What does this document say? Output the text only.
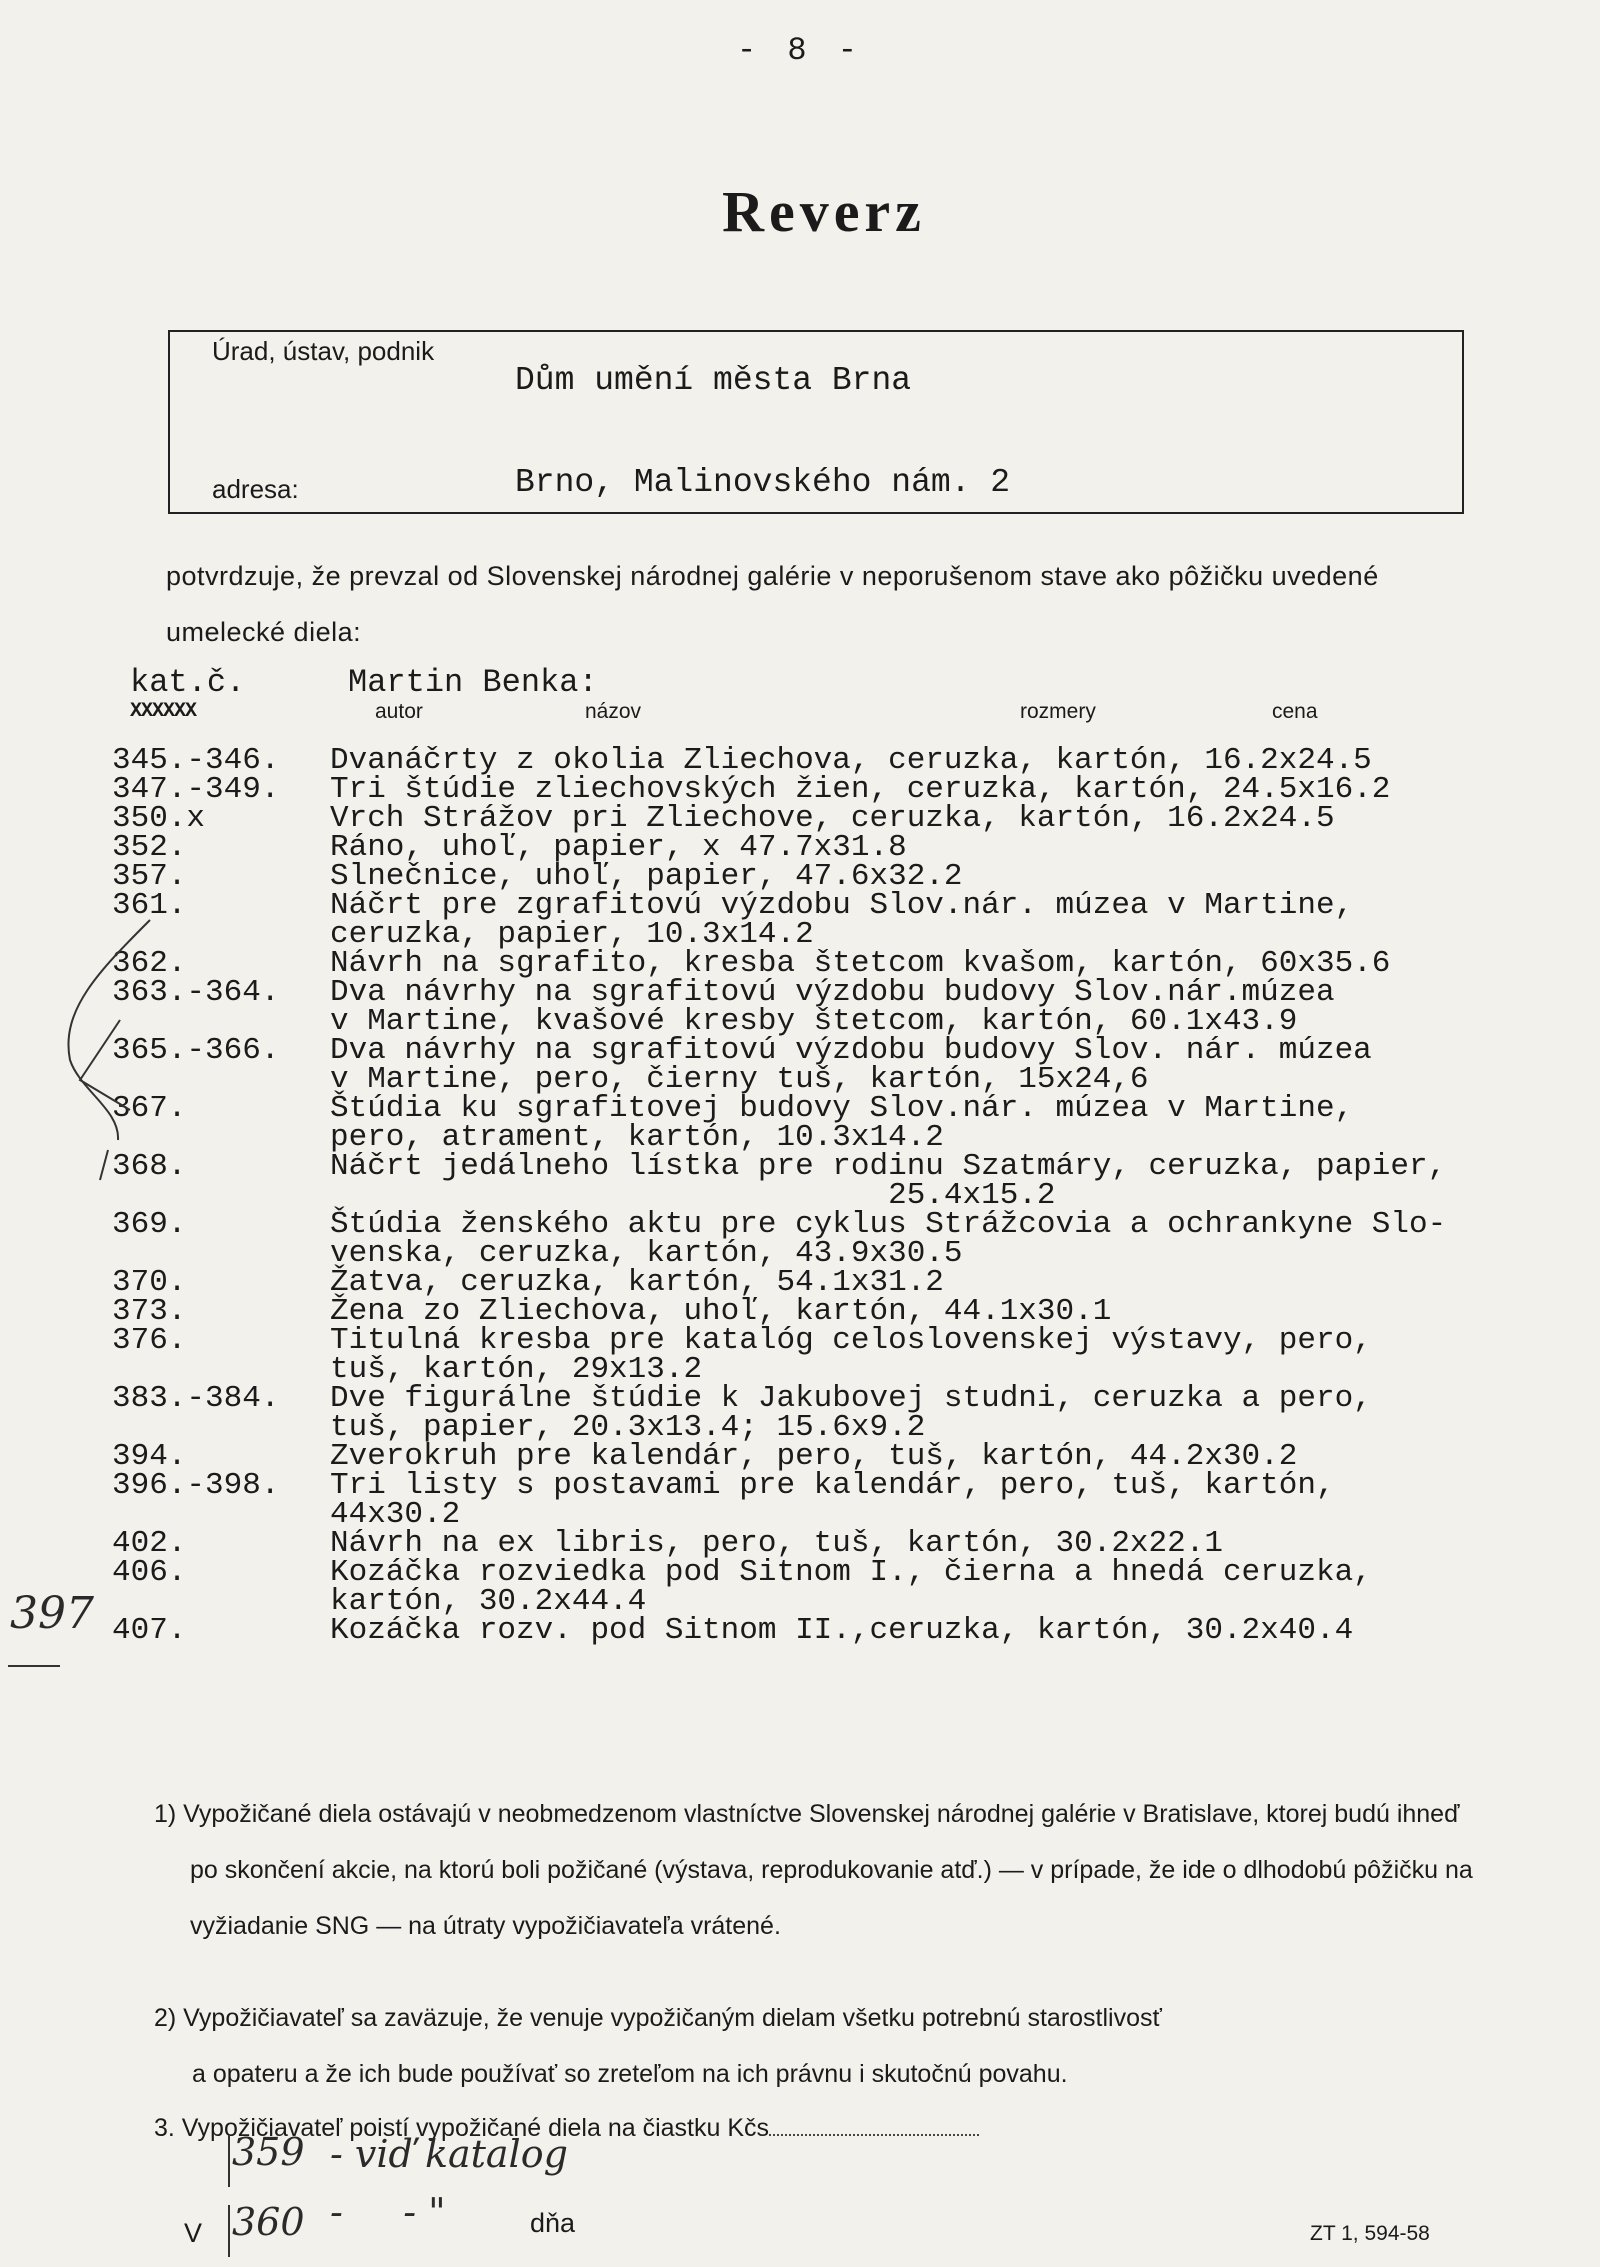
- 8 -
Reverz
Úrad, ústav, podnik
Dům umění města Brna
adresa:	Brno, Malinovského nám. 2
potvrdzuje, že prevzal od Slovenskej národnej galérie v neporušenom stave ako pôžičku uvedené umelecké diela:
kat.č.	Martin Benka:
XXXXXX	autor	názov	rozmery	cena
345.-346. Dvanáčrty z okolia Zliechova, ceruzka, kartón, 16.2x24.5
347.-349. Tri štúdie zliechovských žien, ceruzka, kartón, 24.5x16.2
350.x	Vrch Strážov pri Zliechove, ceruzka, kartón, 16.2x24.5
352.	Ráno, uhoľ, papier, x 47.7x31.8
357.	Slnečnice, uhoľ, papier, 47.6x32.2
361.	Náčrt pre zgrafitovú výzdobu Slov.nár. múzea v Martine,
ceruzka, papier, 10.3x14.2
362.	Návrh na sgrafito, kresba štetcom kvašom, kartón, 60x35.6
363.-364. Dva návrhy na sgrafitovú výzdobu budovy Slov.nár.múzea
v Martine, kvašové kresby štetcom, kartón, 60.1x43.9
365.-366. Dva návrhy na sgrafitovú výzdobu budovy Slov. nár. múzea
v Martine, pero, čierny tuš, kartón, 15x24,6
367.	Štúdia ku sgrafitovej budovy Slov.nár. múzea v Martine,
pero, atrament, kartón, 10.3x14.2
368.	Náčrt jedálneho lístka pre rodinu Szatmáry, ceruzka, papier,
25.4x15.2
369.	Štúdia ženského aktu pre cyklus Strážcovia a ochrankyne Slo-
venska, ceruzka, kartón, 43.9x30.5
370.	Žatva, ceruzka, kartón, 54.1x31.2
373.	Žena zo Zliechova, uhoľ, kartón, 44.1x30.1
376.	Titulná kresba pre katalóg celoslovenskej výstavy, pero,
tuš, kartón, 29x13.2
383.-384. Dve figurálne štúdie k Jakubovej studni, ceruzka a pero,
tuš, papier, 20.3x13.4; 15.6x9.2
394.	Zverokruh pre kalendár, pero, tuš, kartón, 44.2x30.2
396.-398. Tri listy s postavami pre kalendár, pero, tuš, kartón,
44x30.2
402.	Návrh na ex libris, pero, tuš, kartón, 30.2x22.1
406.	Kozáčka rozviedka pod Sitnom I., čierna a hnedá ceruzka,
kartón, 30.2x44.4
407.	Kozáčka rozv. pod Sitnom II.,ceruzka, kartón, 30.2x40.4
1) Vypožičané diela ostávajú v neobmedzenom vlastníctve Slovenskej národnej galérie v Bratislave, ktorej budú ihneď po skončení akcie, na ktorú boli požičané (výstava, reprodukovanie atď.) — v prípade, že ide o dlhodobú pôžičku na vyžiadanie SNG — na útraty vypožičiavateľa vrátené.
2) Vypožičiavateľ sa zaväzuje, že venuje vypožičaným dielam všetku potrebnú starostlivosť
a opateru a že ich bude používať so zreteľom na ich právnu i skutočnú povahu.
3. Vypožičiavateľ poistí vypožičané diela na čiastku Kčs
V	dňa	ZT 1, 594-58
359 - viď katalog
360 -     - "
397
